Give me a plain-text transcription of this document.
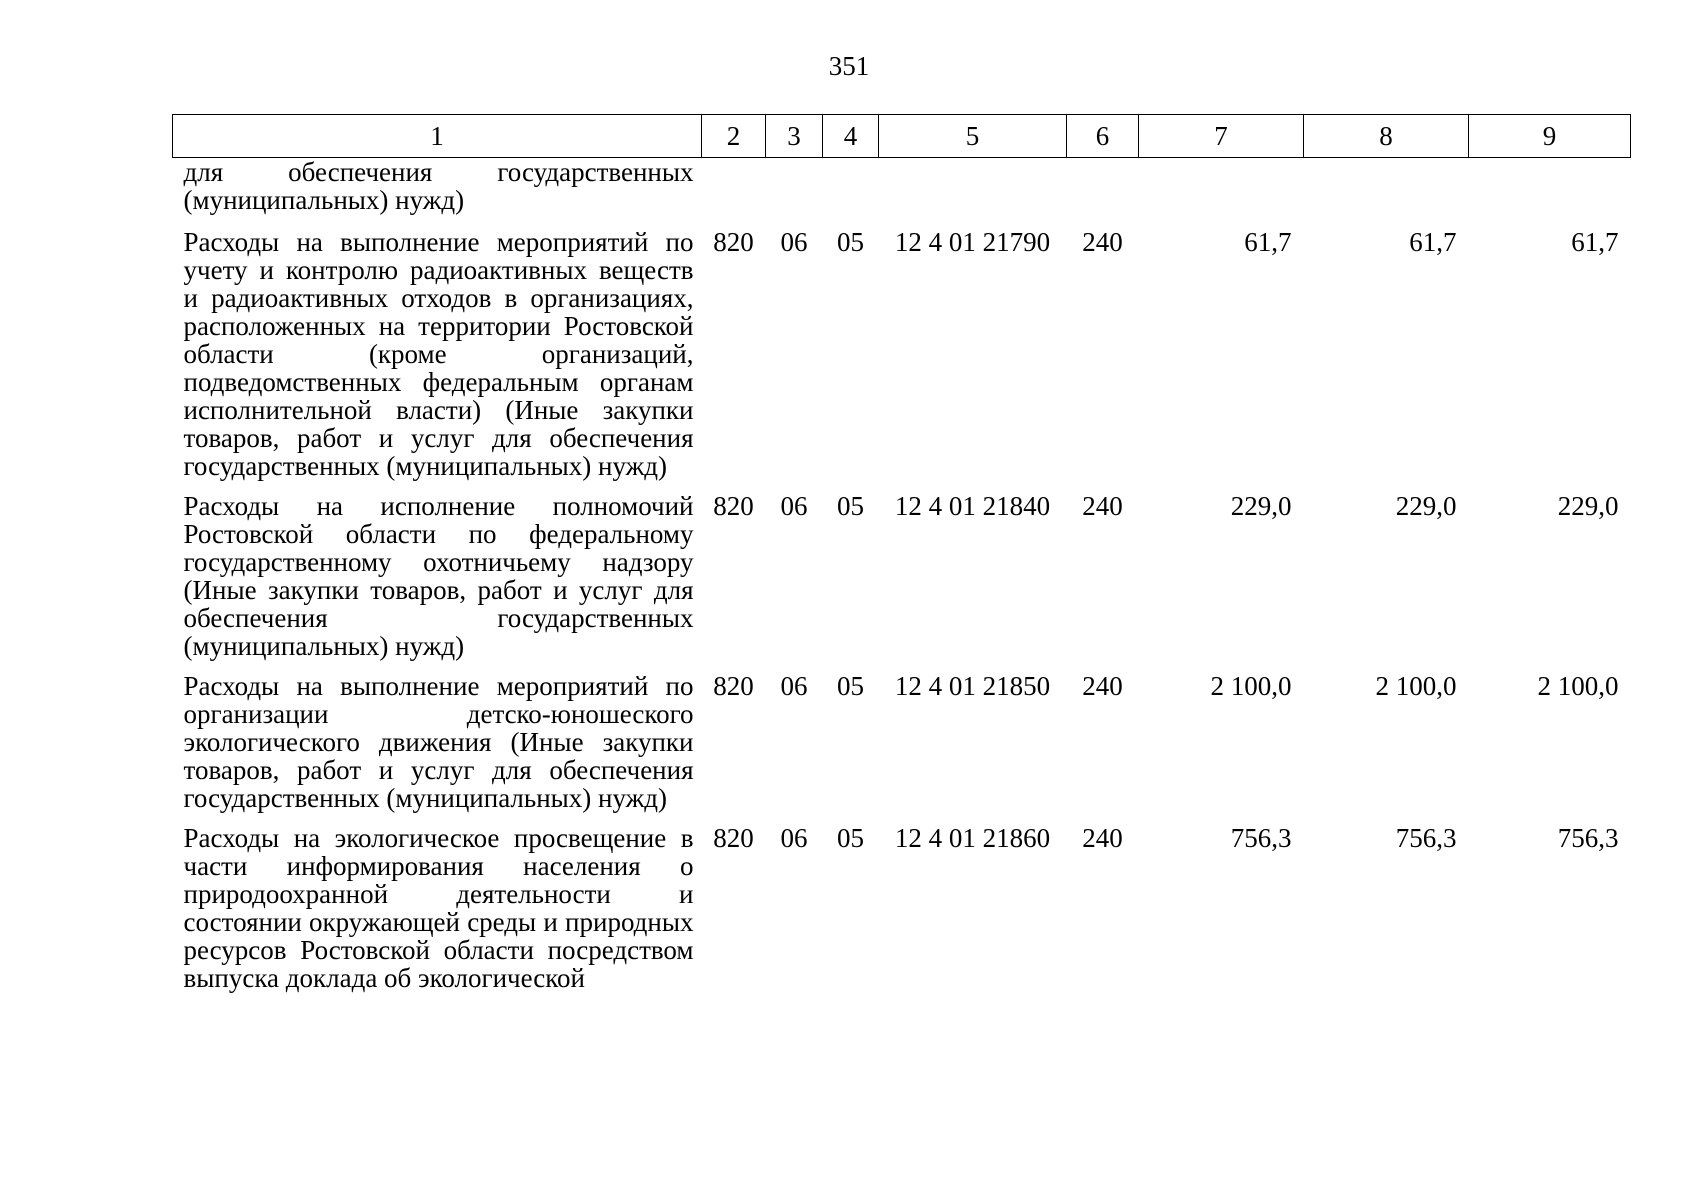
351
1	2	3	4	5	6	7	8	9
для обеспечения государственных (муниципальных) нужд)								
Расходы на выполнение мероприятий по учету и контролю радиоактивных веществ и радиоактивных отходов в организациях, расположенных на территории Ростовской области (кроме организаций, подведомственных федеральным органам исполнительной власти) (Иные закупки товаров, работ и услуг для обеспечения государственных (муниципальных) нужд)	820	06	05	12 4 01 21790	240	61,7	61,7	61,7
Расходы на исполнение полномочий Ростовской области по федеральному государственному охотничьему надзору (Иные закупки товаров, работ и услуг для обеспечения государственных (муниципальных) нужд)	820	06	05	12 4 01 21840	240	229,0	229,0	229,0
Расходы на выполнение мероприятий по организации детско-юношеского экологического движения (Иные закупки товаров, работ и услуг для обеспечения государственных (муниципальных) нужд)	820	06	05	12 4 01 21850	240	2 100,0	2 100,0	2 100,0
Расходы на экологическое просвещение в части информирования населения о природоохранной деятельности и состоянии окружающей среды и природных ресурсов Ростовской области посредством выпуска доклада об экологической	820	06	05	12 4 01 21860	240	756,3	756,3	756,3
